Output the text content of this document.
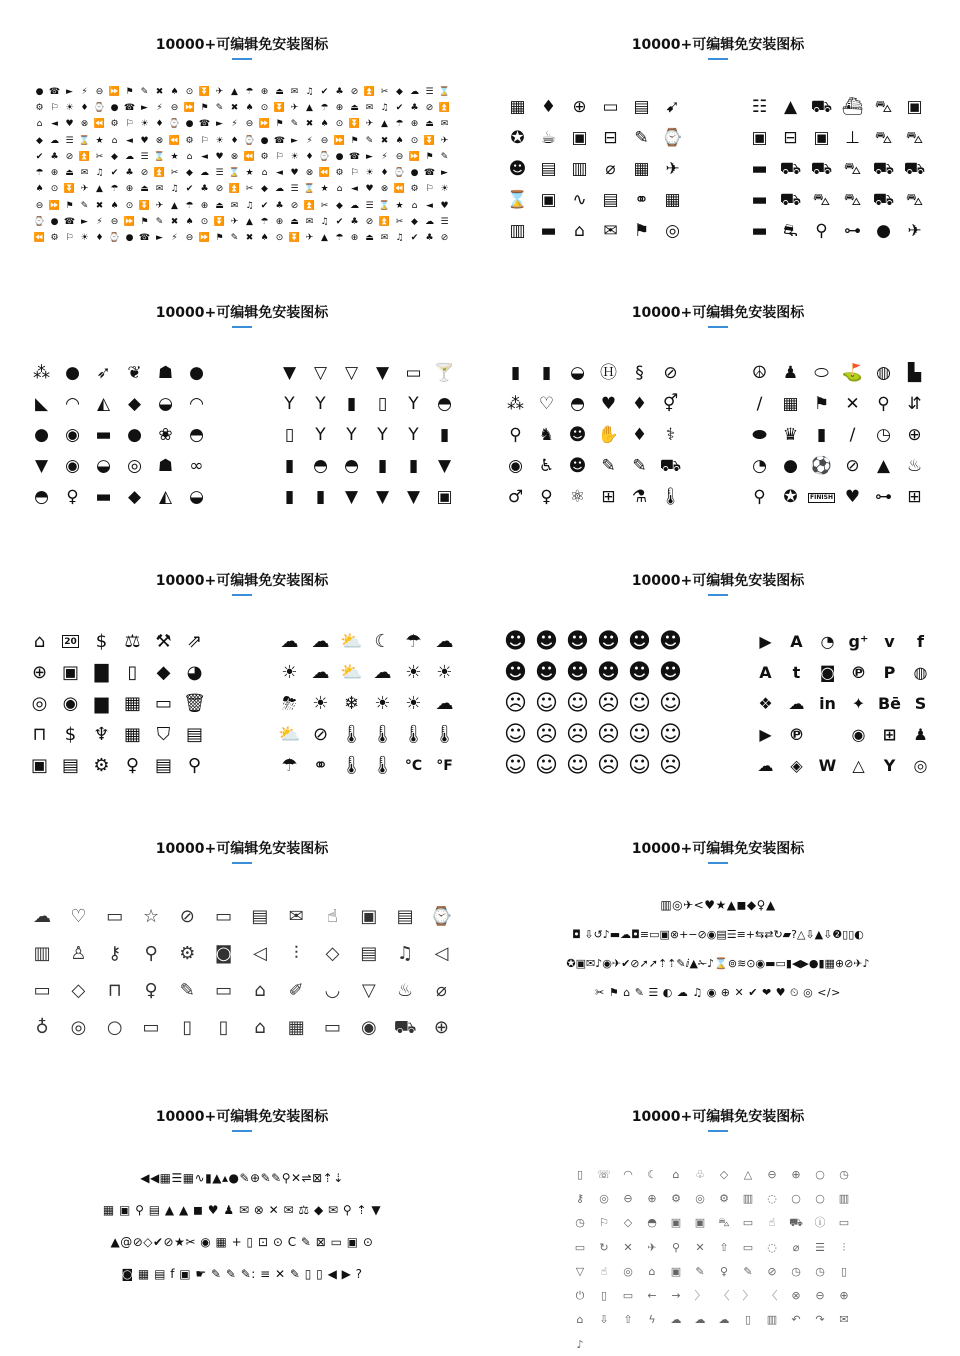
10000+可编辑免安装图标
● ☎ ► ⚡ ⊖ ⏩ ⚑ ✎ ✖ ♠ ⊙ ⏬ ✈ ▲ ☂ ⊕ ⏏ ✉ ♫ ✔ ♣ ⊘ ⏫ ✂ ◆ ☁ ☰ ⌛
⚙ ⚐ ☀ ♦ ⌚ ● ☎ ► ⚡ ⊖ ⏩ ⚑ ✎ ✖ ♠ ⊙ ⏬ ✈ ▲ ☂ ⊕ ⏏ ✉ ♫ ✔ ♣ ⊘ ⏫
⌂ ◄ ♥ ⊗ ⏪ ⚙ ⚐ ☀ ♦ ⌚ ● ☎ ► ⚡ ⊖ ⏩ ⚑ ✎ ✖ ♠ ⊙ ⏬ ✈ ▲ ☂ ⊕ ⏏ ✉
◆ ☁ ☰ ⌛ ★ ⌂ ◄ ♥ ⊗ ⏪ ⚙ ⚐ ☀ ♦ ⌚ ● ☎ ► ⚡ ⊖ ⏩ ⚑ ✎ ✖ ♠ ⊙ ⏬ ✈
✔ ♣ ⊘ ⏫ ✂ ◆ ☁ ☰ ⌛ ★ ⌂ ◄ ♥ ⊗ ⏪ ⚙ ⚐ ☀ ♦ ⌚ ● ☎ ► ⚡ ⊖ ⏩ ⚑ ✎
☂ ⊕ ⏏ ✉ ♫ ✔ ♣ ⊘ ⏫ ✂ ◆ ☁ ☰ ⌛ ★ ⌂ ◄ ♥ ⊗ ⏪ ⚙ ⚐ ☀ ♦ ⌚ ● ☎ ►
♠ ⊙ ⏬ ✈ ▲ ☂ ⊕ ⏏ ✉ ♫ ✔ ♣ ⊘ ⏫ ✂ ◆ ☁ ☰ ⌛ ★ ⌂ ◄ ♥ ⊗ ⏪ ⚙ ⚐ ☀
⊖ ⏩ ⚑ ✎ ✖ ♠ ⊙ ⏬ ✈ ▲ ☂ ⊕ ⏏ ✉ ♫ ✔ ♣ ⊘ ⏫ ✂ ◆ ☁ ☰ ⌛ ★ ⌂ ◄ ♥
⌚ ● ☎ ► ⚡ ⊖ ⏩ ⚑ ✎ ✖ ♠ ⊙ ⏬ ✈ ▲ ☂ ⊕ ⏏ ✉ ♫ ✔ ♣ ⊘ ⏫ ✂ ◆ ☁ ☰
⏪ ⚙ ⚐ ☀ ♦ ⌚ ● ☎ ► ⚡ ⊖ ⏩ ⚑ ✎ ✖ ♠ ⊙ ⏬ ✈ ▲ ☂ ⊕ ⏏ ✉ ♫ ✔ ♣ ⊘
10000+可编辑免安装图标
▦ ♦ ⊕ ▭ ▤ ➹
✪ ☕ ▣ ⊟ ✎ ⌚
☻ ▤ ▥ ⌀ ▦ ✈
⌛ ▣ ∿ ▤ ⚭ ▦
▥ ▬ ⌂ ✉ ⚑ ◎
☷ ▲ ⛟ ⛴ ⛍ ▣
▣ ⊟ ▣ ⊥ ⛍ ⛍
▬ ⛟ ⛟ ⛍ ⛟ ⛟
▬ ⛟ ⛍ ⛍ ⛟ ⛍
▬ ⛐ ⚲ ⊶ ● ✈
10000+可编辑免安装图标
⁂ ● ➶ ❦ ☗ ●
◣ ◠ ◭ ◆ ◒ ◠
● ◉ ▬ ● ❀ ◓
▼ ◉ ◒ ◎ ☗ ∞
◓ ♀ ▬ ◆ ◭ ◒
▼ ▽ ▽ ▼ ▭ 🍸
Y Y ▮ ▯ Y ◓
▯ Y Y Y Y ▮
▮ ◓ ◓ ▮ ▮ ▼
▮ ▮ ▼ ▼ ▼ ▣
10000+可编辑免安装图标
▮ ▮ ◒ Ⓗ § ⊘
⁂ ♡ ◓ ♥ ♦ ⚥
⚲ ♞ ☻ ✋ ♦ ⚕
◉ ♿ ☻ ✎ ✎ ⛟
♂ ♀ ⚛ ⊞ ⚗ 🌡
☮ ♟ ⬭ ⛳ ◍ ▙
∕ ▦ ⚑ ✕ ⚲ ⇵
⬬ ♛ ▮ ∕ ◷ ⊕
◔ ● ⚽ ⊘ ▲ ♨
⚲ ✪	FINISH ♥ ⊶ ⊞
10000+可编辑免安装图标
⌂ 20 $ ⚖ ⚒ ⇗
⊕ ▣ ▇ ▯ ◆ ◕
◎ ◉ ▆ ▦ ▭ 🗑
⊓ $ ♆ ▦ ⛉ ▤
▣ ▤ ⚙ ♀ ▤ ⚲
☁ ☁ ⛅ ☾ ☂ ☁
☀ ☁ ⛅ ☁ ☀ ☀
⛈ ☀ ❄ ☀ ☀ ☁
⛅ ⊘ 🌡 🌡 🌡 🌡
☂ ⚭ 🌡 🌡 °C °F
10000+可编辑免安装图标
☻ ☻ ☻ ☻ ☻ ☻
☻ ☻ ☻ ☻ ☻ ☻
☹ ☺ ☺ ☹ ☺ ☺
☺ ☹ ☹ ☹ ☺ ☺
☺ ☺ ☺ ☹ ☺ ☹
▶ A ◔ g⁺ v f
A t ◙ ℗ P ◍
❖ ☁ in ✦ Bē S
▶ ℗	◉ ⊞ ♟
☁ ◈ W △ Y ◎
10000+可编辑免安装图标
☁ ♡ ▭ ☆ ⊘ ▭ ▤ ✉ ☝ ▣ ▤ ⌚
▥ ♙ ⚷ ⚲ ⚙ ◙ ◁ ⫶ ◇ ▤ ♫ ◁
▭ ◇ ⊓ ♀ ✎ ▭ ⌂ ✐ ◡ ▽ ♨ ⌀
♁ ◎ ○ ▭ ▯ ▯ ⌂ ▦ ▭ ◉ ⛟ ⊕
10000+可编辑免安装图标
▥◎✈<♥★▲◼◆♀▲
◘ ⇩↺♪▬☁◘≡▭▣⊗+−⊘◉▤☰≡+⇆⇄↻▰?△⇩▲⇩❷▯▯◐
✪▣✉♪◉✈✔⊘➚➚⇡⇡✎ⅈ▲✁♪⌛⊚≋⊙◉▬▭▮◀▶●▮▦⊕⊘✈♪
✂ ⚑ ⌂ ✎ ☰ ◐ ☁ ♫ ◉ ⊕ ✕ ✔ ❤ ♥ ⏲ ◎ </>
10000+可编辑免安装图标
◀◀▦☰▦∿▮▲▴●✎⊕✎✎⚲✕⇌⊠⇡⇣
▦ ▣ ⚲ ▤ ▲ ▲ ◼ ♥ ♟ ✉ ⊗ ✕ ✉ ⚖ ◆ ✉ ⚲ ⇡ ▼
▲@⊘◇✔⊘★✂ ◉ ▦ + ▯ ⊡ ⊙ C ✎ ⊠ ▭ ▣ ⊙
◙ ▦ ▤ f ▣ ☛ ✎ ✎ ✎: ≡ ✕ ✎ ▯ ▯ ◀ ▶ ?
10000+可编辑免安装图标
▯ ☏ ◠ ☾ ⌂ ♧ ◇ △ ⊖ ⊕ ○ ◷
⚷ ◎ ⊖ ⊕ ⚙ ◎ ⚙ ▥ ◌ ○ ○ ▥
◷ ⚐ ◇ ◓ ▣ ▣ ⛍ ▭ ☝ ⛟ ⓘ ▭
▭ ↻ ✕ ✈ ⚲ ✕ ⇧ ▭ ◌ ⌀ ☰ ⫶
▽ ☝ ◎ ⌂ ▣ ✎ ♀ ✎ ⊘ ◷ ◷ ▯
⏻ ▯ ▭ ← → 〉 〈 〉 〈 ⊗ ⊖ ⊕
⌂ ⇩ ⇧ ϟ ☁ ☁ ☁ ▯ ▥ ↶ ↷ ✉
♪
